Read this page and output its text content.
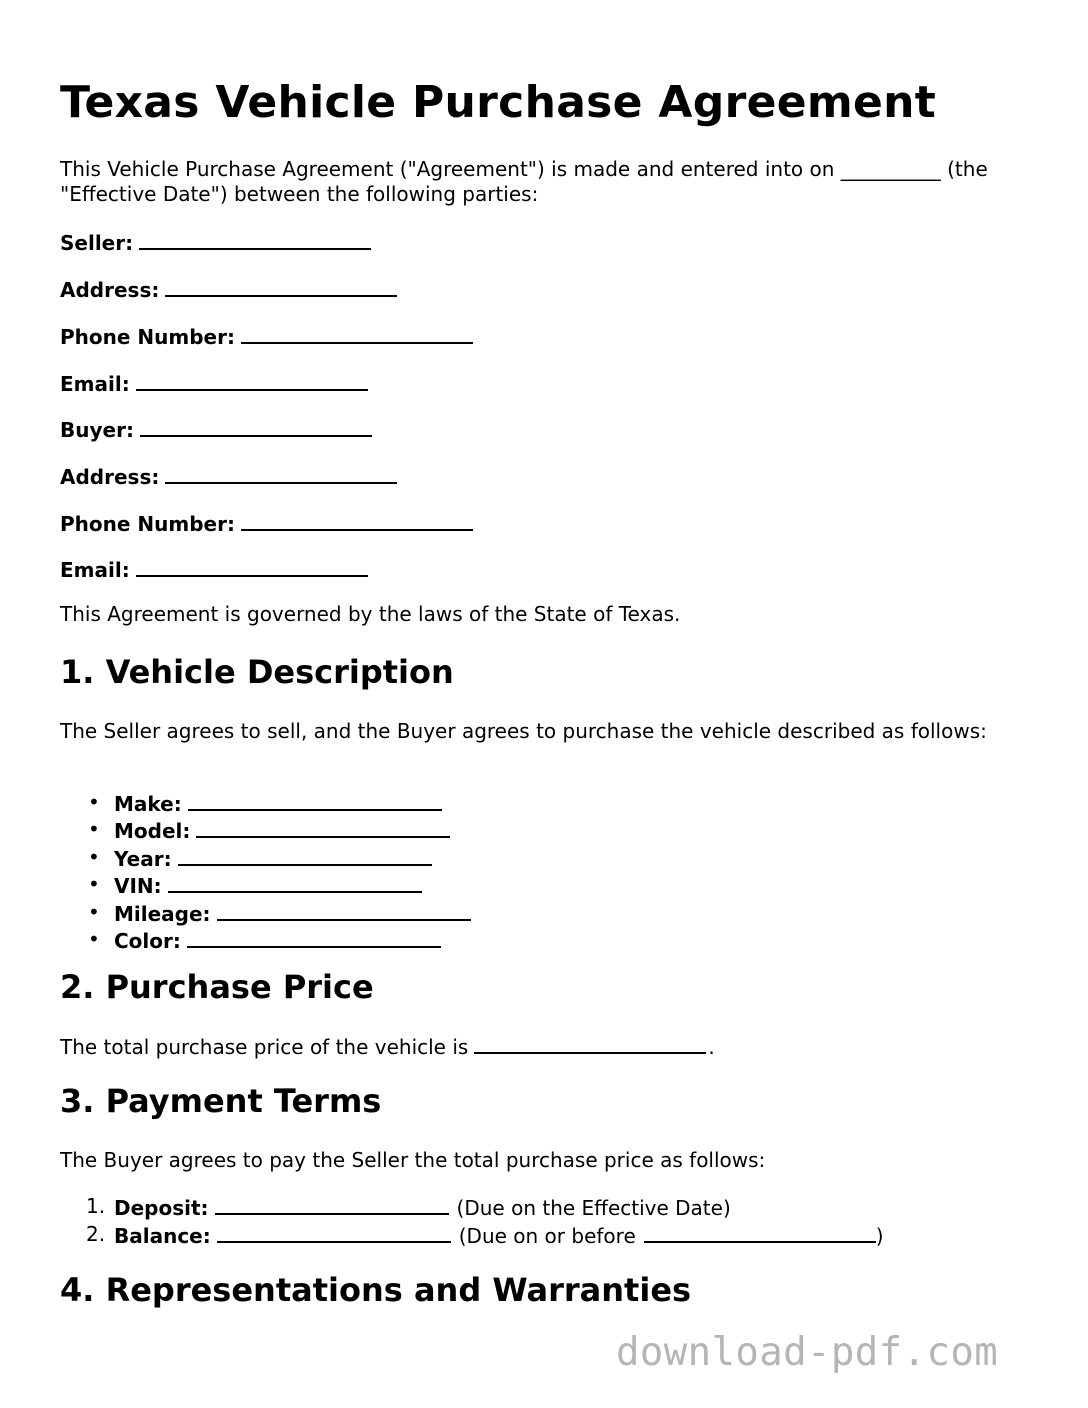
Texas Vehicle Purchase Agreement

This Vehicle Purchase Agreement ("Agreement") is made and entered into on __________ (the "Effective Date") between the following parties:

Seller:

Address:

Phone Number:

Email:

Buyer:

Address:

Phone Number:

Email:

This Agreement is governed by the laws of the State of Texas.

1. Vehicle Description

The Seller agrees to sell, and the Buyer agrees to purchase the vehicle described as follows:

• Make:
• Model:
• Year:
• VIN:
• Mileage:
• Color:
2. Purchase Price

The total purchase price of the vehicle is	.

3. Payment Terms

The Buyer agrees to pay the Seller the total purchase price as follows:

1. Deposit:	(Due on the Effective Date)
2. Balance:	(Due on or before	)
4. Representations and Warranties
download-pdf.com
